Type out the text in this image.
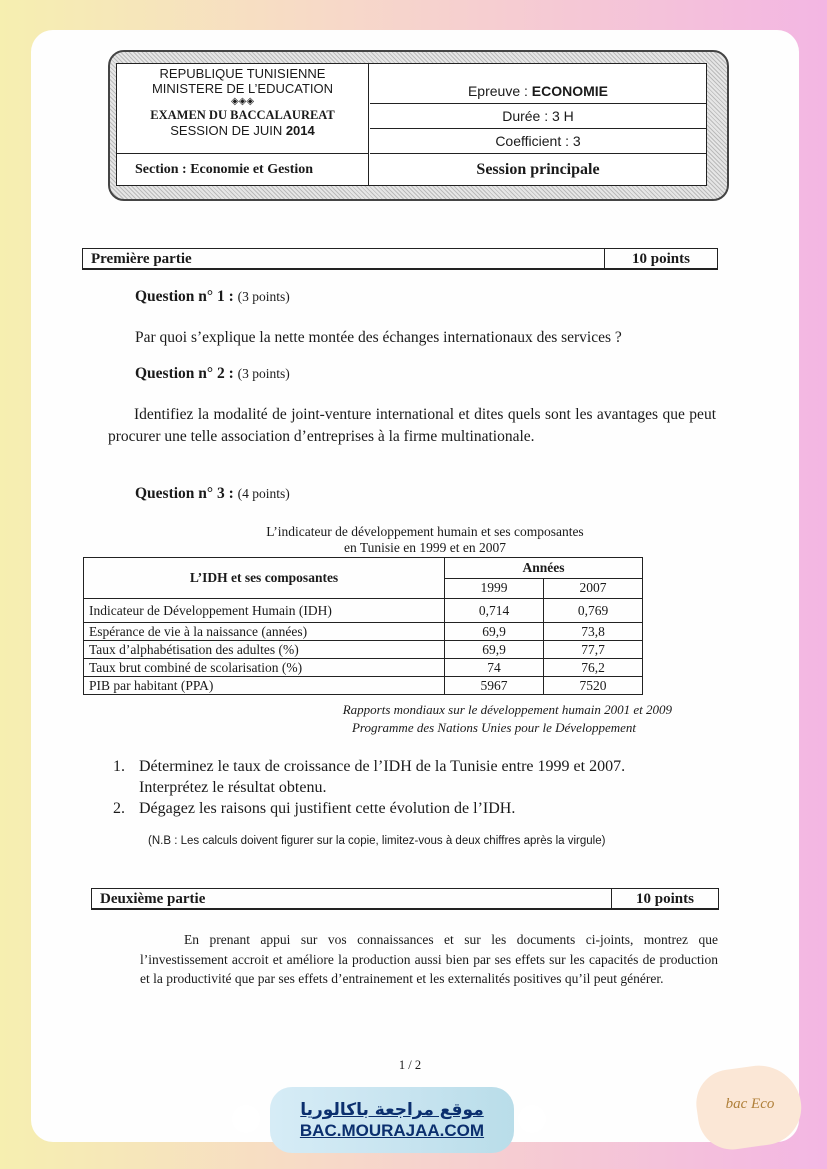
REPUBLIQUE TUNISIENNE
MINISTERE DE L’EDUCATION
◈◈◈
EXAMEN DU BACCALAUREAT
SESSION DE JUIN 2014
Section : Economie et Gestion
Epreuve : ECONOMIE
Durée : 3 H
Coefficient : 3
Session principale
Première partie	10 points
Question n° 1 : (3 points)
Par quoi s’explique la nette montée des échanges internationaux des services ?
Question n° 2 : (3 points)
Identifiez la modalité de joint-venture international et dites quels sont les avantages que peut procurer une telle association d’entreprises à la firme multinationale.
Question n° 3 : (4 points)
L’indicateur de développement humain et ses composantes
en Tunisie en 1999 et en 2007
L’IDH et ses composantes	Années	
	1999	2007
Indicateur de Développement Humain (IDH)	0,714	0,769
Espérance de vie à la naissance (années)	69,9	73,8
Taux d’alphabétisation des adultes (%)	69,9	77,7
Taux brut combiné de scolarisation (%)	74	76,2
PIB par habitant (PPA)	5967	7520
Rapports mondiaux sur le développement humain 2001 et 2009
Programme des Nations Unies pour le Développement
1. Déterminez le taux de croissance de l’IDH de la Tunisie entre 1999 et 2007.
Interprétez le résultat obtenu.
2. Dégagez les raisons qui justifient cette évolution de l’IDH.
(N.B : Les calculs doivent figurer sur la copie, limitez-vous à deux chiffres après la virgule)
Deuxième partie	10 points
En prenant appui sur vos connaissances et sur les documents ci-joints, montrez que l’investissement accroit et améliore la production aussi bien par ses effets sur les capacités de production et la productivité que par ses effets d’entrainement et les externalités positives qu’il peut générer.
1 / 2
موقع مراجعة باكالوريا
BAC.MOURAJAA.COM
bac Eco
